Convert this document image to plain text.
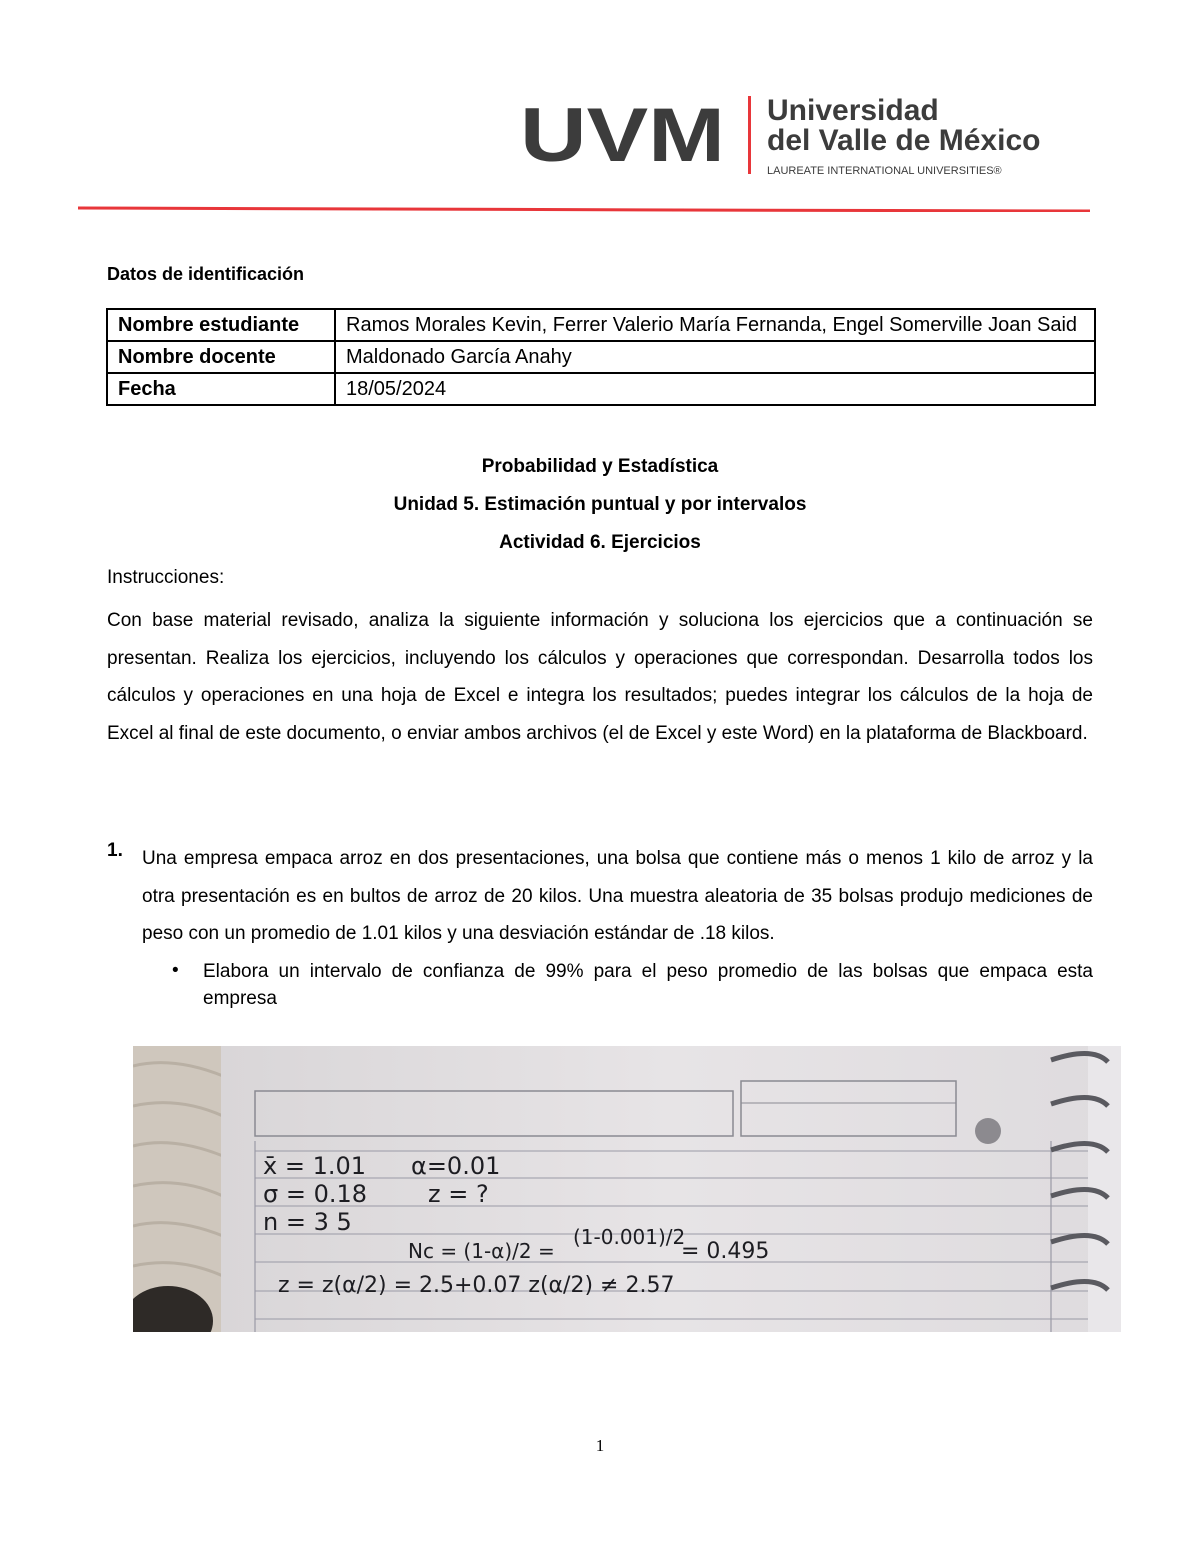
UVM Universidad
del Valle de México
LAUREATE INTERNATIONAL UNIVERSITIES®
Datos de identificación
Nombre estudiante	Ramos Morales Kevin, Ferrer Valerio María Fernanda, Engel Somerville Joan Said
Nombre docente	Maldonado García Anahy
Fecha	18/05/2024
Probabilidad y Estadística
Unidad 5. Estimación puntual y por intervalos
Actividad 6. Ejercicios
Instrucciones:
Con base material revisado, analiza la siguiente información y soluciona los ejercicios que a continuación se presentan. Realiza los ejercicios, incluyendo los cálculos y operaciones que correspondan. Desarrolla todos los cálculos y operaciones en una hoja de Excel e integra los resultados; puedes integrar los cálculos de la hoja de Excel al final de este documento, o enviar ambos archivos (el de Excel y este Word) en la plataforma de Blackboard.
1. Una empresa empaca arroz en dos presentaciones, una bolsa que contiene más o menos 1 kilo de arroz y la otra presentación es en bultos de arroz de 20 kilos. Una muestra aleatoria de 35 bolsas produjo mediciones de peso con un promedio de 1.01 kilos y una desviación estándar de .18 kilos.
• Elabora un intervalo de confianza de 99% para el peso promedio de las bolsas que empaca esta empresa
x̄ = 1.01 α=0.01
σ = 0.18	z = ?
n = 3 5
Nc = (1-α)/2 =
(1-0.001)/2
= 0.495
z = z(α/2) = 2.5+0.07 z(α/2) ≠ 2.57
1
